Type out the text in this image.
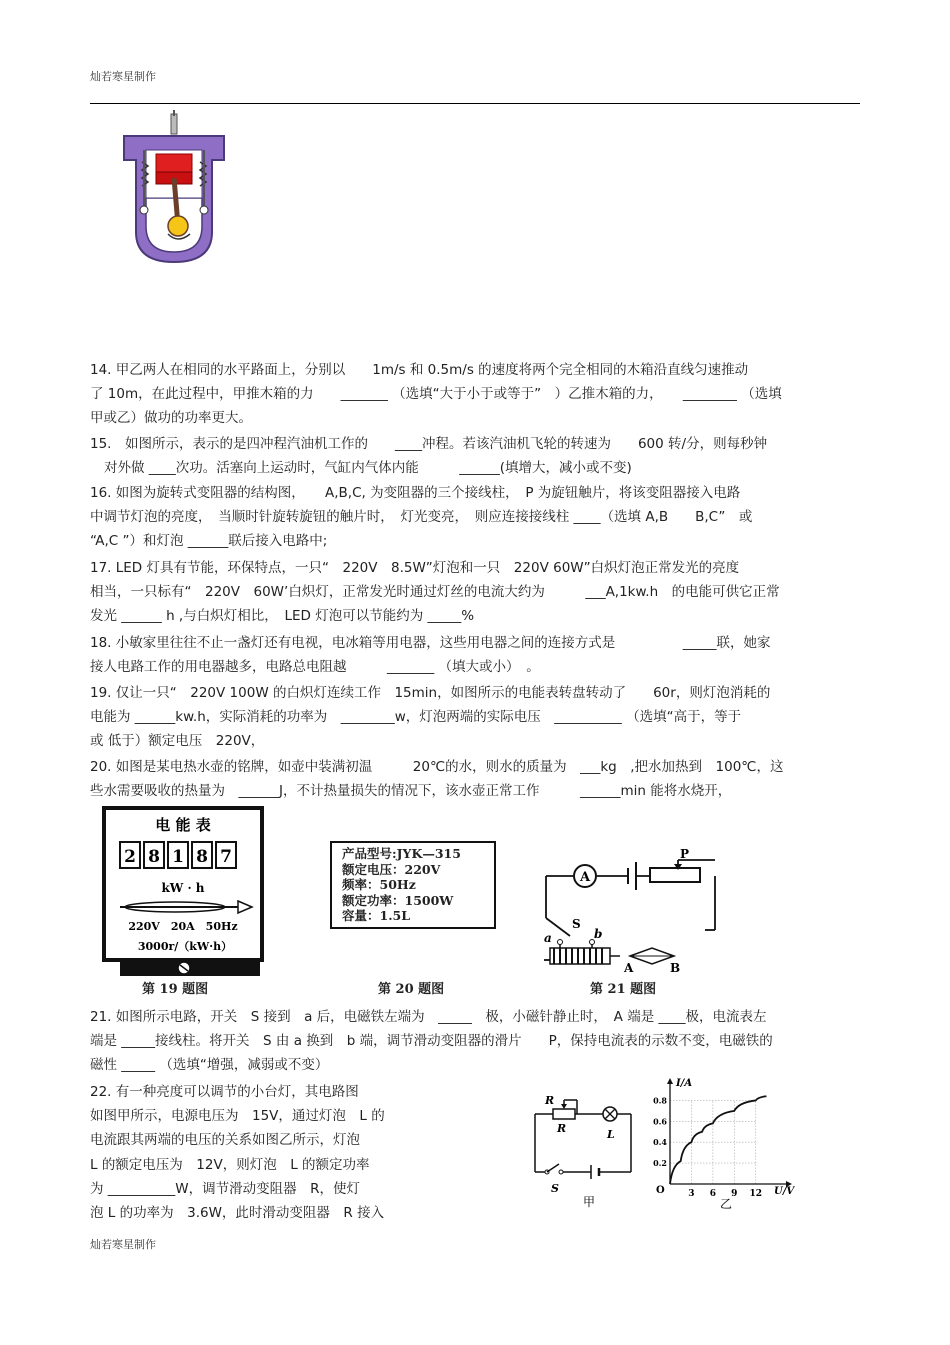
灿若寒星制作

14. 甲乙两人在相同的水平路面上，分别以　　1m/s 和 0.5m/s 的速度将两个完全相同的木箱沿直线匀速推动

了 10m，在此过程中，甲推木箱的力　　_______ （选填“大于小于或等于”　）乙推木箱的力，　　________ （选填

甲或乙）做功的功率更大。

15.　如图所示，表示的是四冲程汽油机工作的　　____冲程。若该汽油机飞轮的转速为　　600 转/分，则每秒钟

对外做 ____次功。活塞向上运动时，气缸内气体内能　　　______(填增大，减小或不变)

16. 如图为旋转式变阻器的结构图，　　A,B,C, 为变阻器的三个接线柱，　P 为旋钮触片，将该变阻器接入电路

中调节灯泡的亮度，　当顺时针旋转旋钮的触片时，　灯光变亮，　则应连接接线柱 ____（选填 A,B　　B,C”　或

“A,C ”）和灯泡 ______联后接入电路中;

17. LED 灯具有节能，环保特点，一只“　220V　8.5W”灯泡和一只　220V 60W”白炽灯泡正常发光的亮度

相当，一只标有“　220V　60W’白炽灯，正常发光时通过灯丝的电流大约为　　　___A,1kw.h　的电能可供它正常

发光 ______ h ,与白炽灯相比，　LED 灯泡可以节能约为 _____%

18. 小敏家里往往不止一盏灯还有电视，电冰箱等用电器，这些用电器之间的连接方式是　　　　　_____联，她家

接人电路工作的用电器越多，电路总电阻越　　　_______ （填大或小）　。

19. 仅让一只“　220V 100W 的白炽灯连续工作　15min，如图所示的电能表转盘转动了　　60r，则灯泡消耗的

电能为 ______kw.h，实际消耗的功率为　________w，灯泡两端的实际电压　__________ （选填“高于，等于

或 低于）额定电压　220V，

20. 如图是某电热水壶的铭牌，如壶中装满初温　　　20℃的水，则水的质量为　___kg　,把水加热到　100℃，这

些水需要吸收的热量为　______J，不计热量损失的情况下，该水壶正常工作　　　______min 能将水烧开，

电 能 表
2 8 1 8 7
kW · h
220V　20A　50Hz
3000r/（kW·h）
第 19 题图
产品型号:JYK—315
额定电压：220V
频率：50Hz
额定功率：1500W
容量：1.5L
第 20 题图
A
P
S
a	b
A	B
第 21 题图

21. 如图所示电路，开关　S 接到　a 后，电磁铁左端为　_____　极，小磁针静止时，　A 端是 ____极，电流表左

端是 _____接线柱。将开关　S 由 a 换到　b 端，调节滑动变阻器的滑片　　P，保持电流表的示数不变，电磁铁的

磁性 _____ （选填“增强，减弱或不变）

22. 有一种亮度可以调节的小台灯，其电路图

如图甲所示，电源电压为　15V，通过灯泡　L 的

电流跟其两端的电压的关系如图乙所示，灯泡

L 的额定电压为　12V，则灯泡　L 的额定功率

为 __________W，调节滑动变阻器　R，使灯

泡 L 的功率为　3.6W，此时滑动变阻器　R 接入

R
R	L
S
甲
3 6 9 12
0.2
0.4
0.6
0.8
I/A
U/V
O
乙
灿若寒星制作
